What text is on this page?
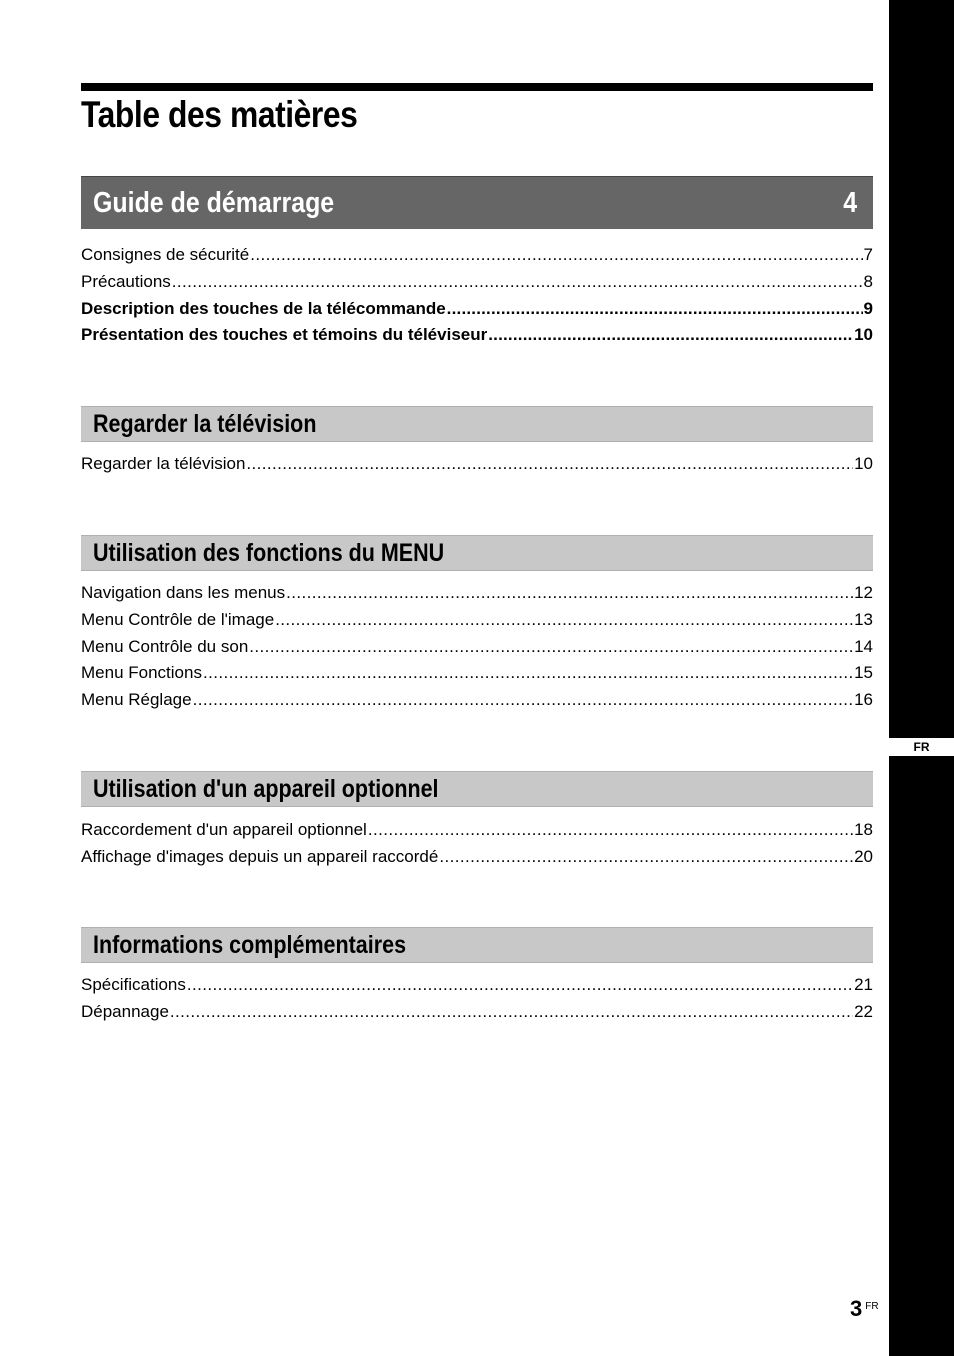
FR
Table des matières
Guide de démarrage	4
Consignes de sécurité .....	7
Précautions .....	8
Description des touches de la télécommande .....	9
Présentation des touches et témoins du téléviseur .....	10
Regarder la télévision
Regarder la télévision .....	10
Utilisation des fonctions du MENU
Navigation dans les menus .....	12
Menu Contrôle de l'image .....	13
Menu Contrôle du son .....	14
Menu Fonctions .....	15
Menu Réglage .....	16
Utilisation d'un appareil optionnel
Raccordement d'un appareil optionnel .....	18
Affichage d'images depuis un appareil raccordé .....	20
Informations complémentaires
Spécifications .....	21
Dépannage .....	22
3 $^{FR}$
